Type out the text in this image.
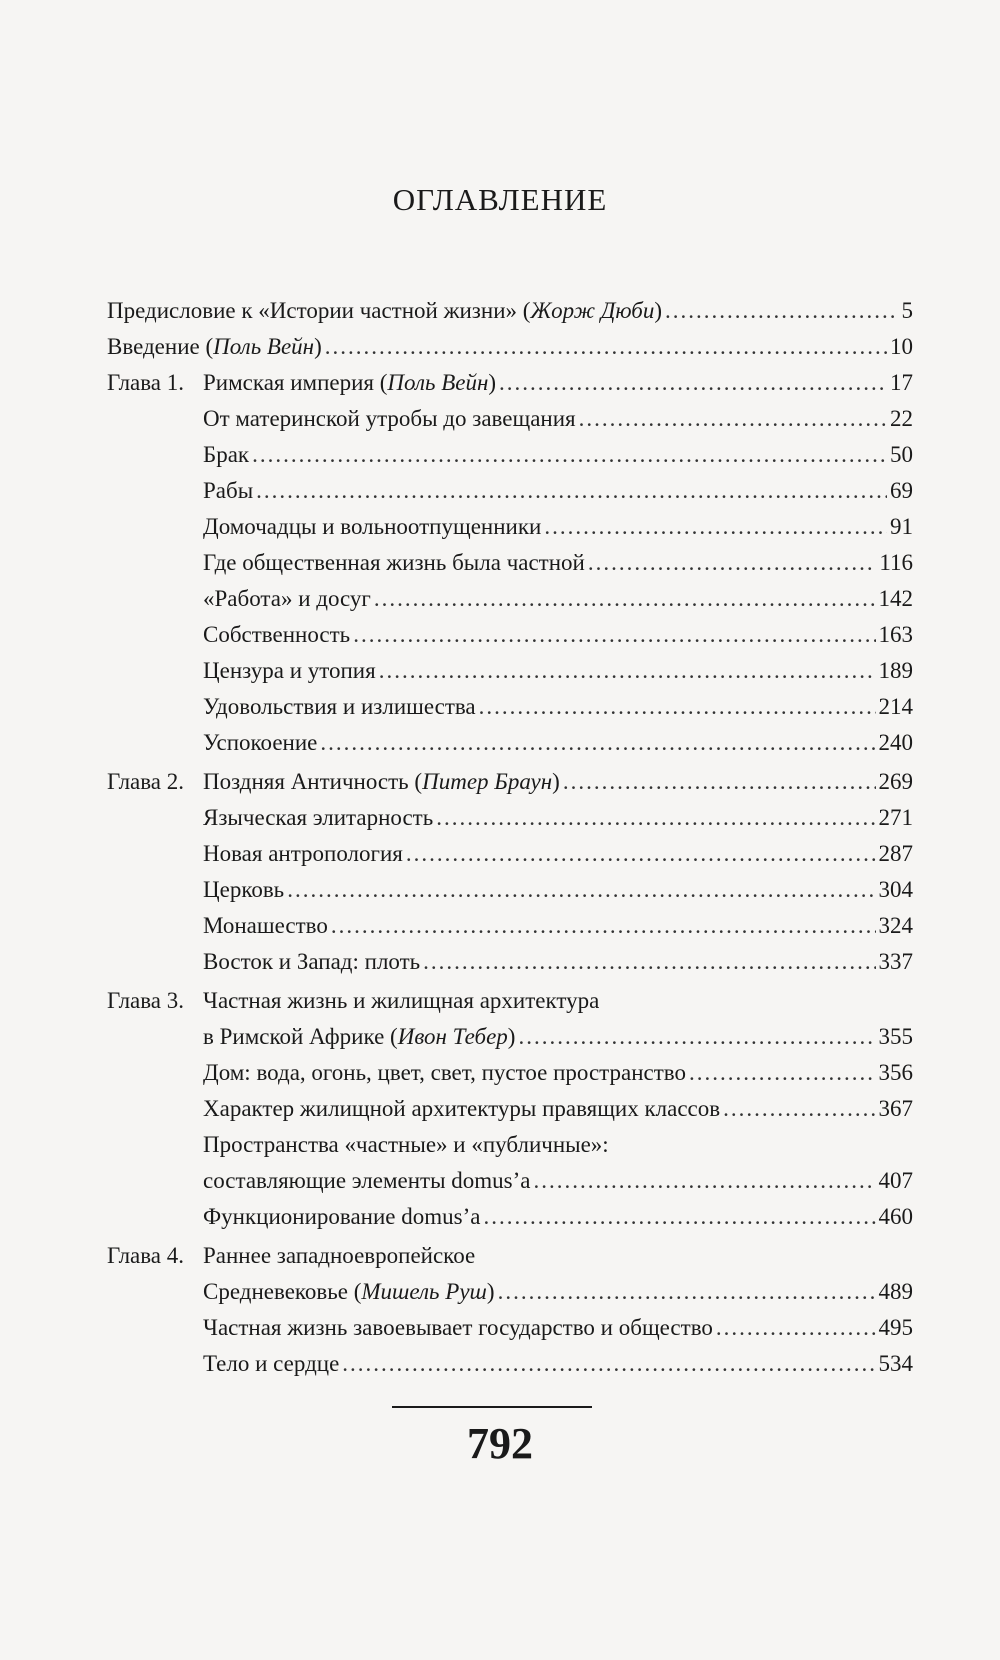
ОГЛАВЛЕНИЕ
Предисловие к «Истории частной жизни» (Жорж Дюби) .....	5
Введение (Поль Вейн) .....	10
Глава 1. Римская империя (Поль Вейн) .....	17
От материнской утробы до завещания .....	22
Брак .....	50
Рабы .....	69
Домочадцы и вольноотпущенники .....	91
Где общественная жизнь была частной .....	116
«Работа» и досуг .....	142
Собственность .....	163
Цензура и утопия .....	189
Удовольствия и излишества .....	214
Успокоение .....	240
Глава 2. Поздняя Античность (Питер Браун) .....	269
Языческая элитарность .....	271
Новая антропология .....	287
Церковь .....	304
Монашество .....	324
Восток и Запад: плоть .....	337
Глава 3. Частная жизнь и жилищная архитектура
в Римской Африке (Ивон Тебер) .....	355
Дом: вода, огонь, цвет, свет, пустое пространство .....	356
Характер жилищной архитектуры правящих классов .....	367
Пространства «частные» и «публичные»:
составляющие элементы domus’a .....	407
Функционирование domus’a .....	460
Глава 4. Раннее западноевропейское
Средневековье (Мишель Руш) .....	489
Частная жизнь завоевывает государство и общество .....	495
Тело и сердце .....	534
792
